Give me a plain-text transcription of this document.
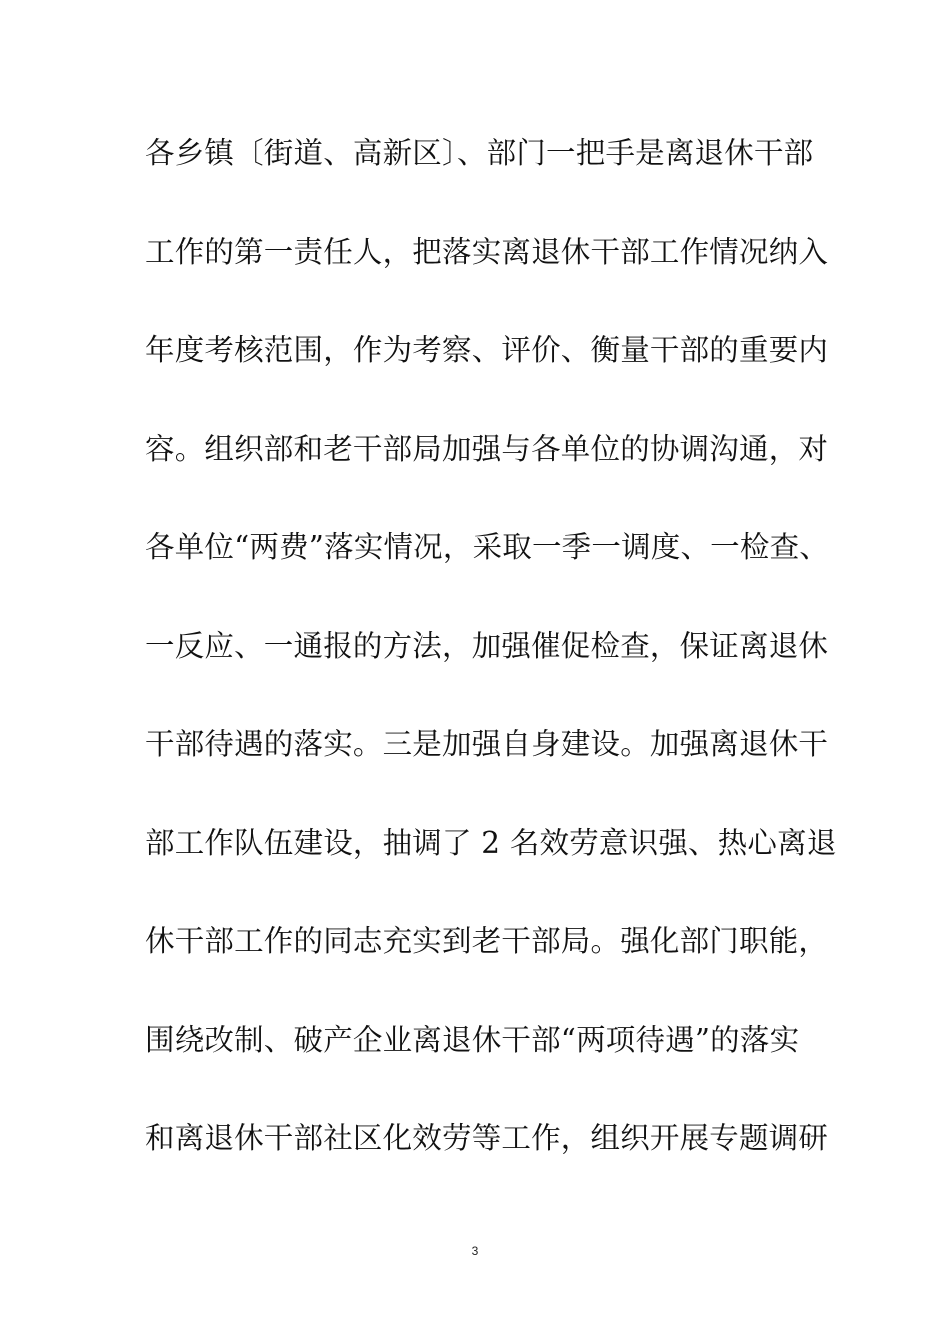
各乡镇〔街道、高新区〕、部门一把手是离退休干部
工作的第一责任人，把落实离退休干部工作情况纳入
年度考核范围，作为考察、评价、衡量干部的重要内
容。组织部和老干部局加强与各单位的协调沟通，对
各单位“两费”落实情况，采取一季一调度、一检查、
一反应、一通报的方法，加强催促检查，保证离退休
干部待遇的落实。三是加强自身建设。加强离退休干
部工作队伍建设，抽调了 2 名效劳意识强、热心离退
休干部工作的同志充实到老干部局。强化部门职能，
围绕改制、破产企业离退休干部“两项待遇”的落实
和离退休干部社区化效劳等工作，组织开展专题调研
3
